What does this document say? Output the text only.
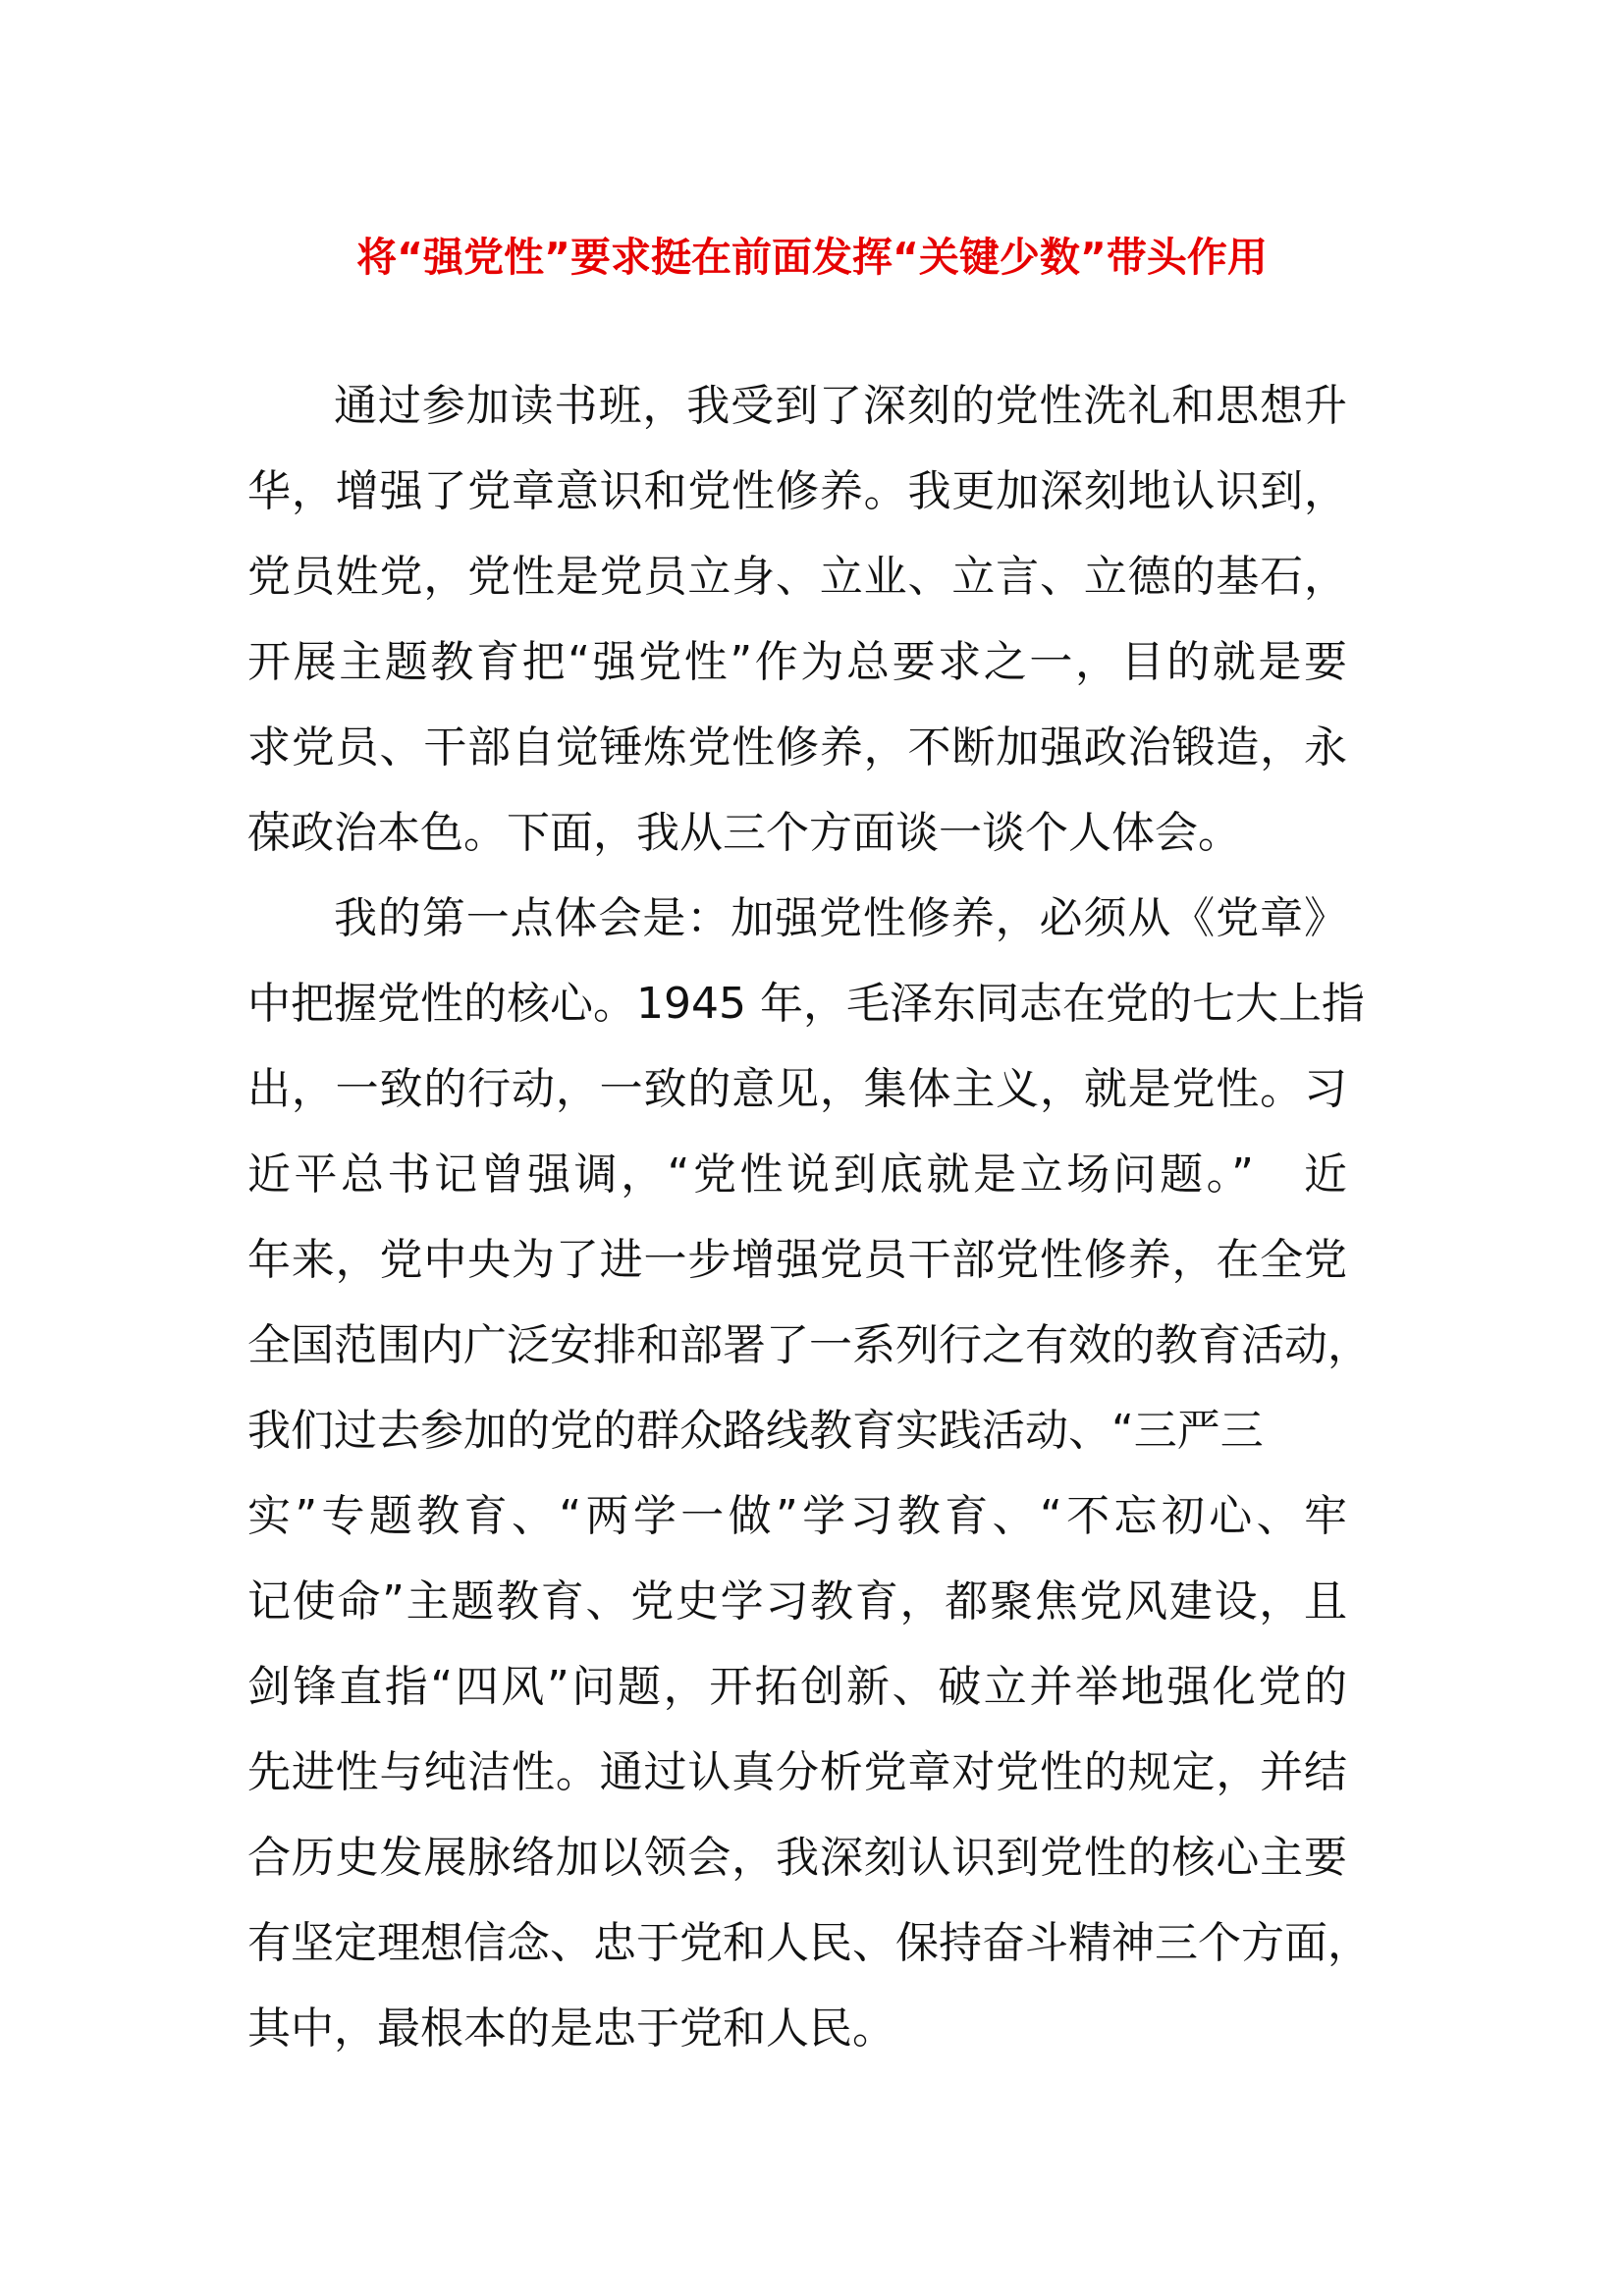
将“强党性”要求挺在前面发挥“关键少数”带头作用
通过参加读书班，我受到了深刻的党性洗礼和思想升
华，增强了党章意识和党性修养。我更加深刻地认识到，
党员姓党，党性是党员立身、立业、立言、立德的基石，
开展主题教育把“强党性”作为总要求之一，目的就是要
求党员、干部自觉锤炼党性修养，不断加强政治锻造，永
葆政治本色。下面，我从三个方面谈一谈个人体会。
我的第一点体会是：加强党性修养，必须从《党章》
中把握党性的核心。1945 年，毛泽东同志在党的七大上指
出，一致的行动，一致的意见，集体主义，就是党性。习
近平总书记曾强调，“党性说到底就是立场问题。”　近
年来，党中央为了进一步增强党员干部党性修养，在全党
全国范围内广泛安排和部署了一系列行之有效的教育活动，
我们过去参加的党的群众路线教育实践活动、“三严三
实”专题教育、“两学一做”学习教育、“不忘初心、牢
记使命”主题教育、党史学习教育，都聚焦党风建设，且
剑锋直指“四风”问题，开拓创新、破立并举地强化党的
先进性与纯洁性。通过认真分析党章对党性的规定，并结
合历史发展脉络加以领会，我深刻认识到党性的核心主要
有坚定理想信念、忠于党和人民、保持奋斗精神三个方面，
其中，最根本的是忠于党和人民。
